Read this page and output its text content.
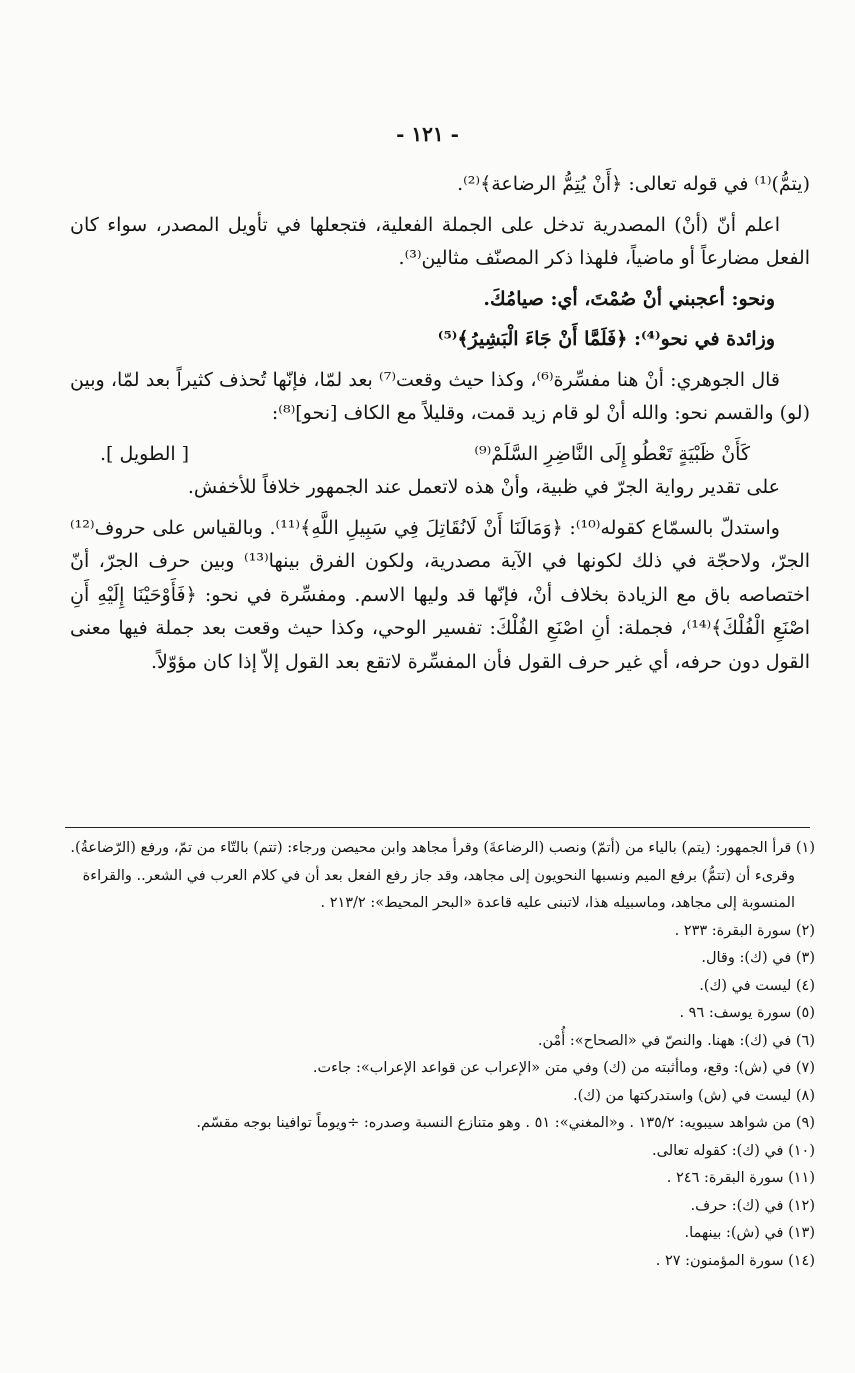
- ١٢١ -

(يتمُّ)⁽¹⁾ في قوله تعالى: ﴿أَنْ يُتِمُّ الرضاعة﴾⁽²⁾.

اعلم أنّ (أنْ) المصدرية تدخل على الجملة الفعلية، فتجعلها في تأويل المصدر، سواء كان الفعل مضارعاً أو ماضياً، فلهذا ذكر المصنّف مثالين⁽³⁾.

ونحو: أعجبني أنْ صُمْتَ، أي: صيامُكَ.

وزائدة في نحو⁽⁴⁾: ﴿فَلَمَّا أَنْ جَاءَ الْبَشِيرُ﴾⁽⁵⁾

قال الجوهري: أنْ هنا مفسِّرة⁽⁶⁾، وكذا حيث وقعت⁽⁷⁾ بعد لمّا، فإنّها تُحذف كثيراً بعد لمّا، وبين (لو) والقسم نحو: والله أنْ لو قام زيد قمت، وقليلاً مع الكاف [نحو]⁽⁸⁾:

كَأَنْ ظَبْيَةٍ تَعْطُو إِلَى النَّاضِرِ السَّلَمْ⁽⁹⁾
[ الطويل ].

على تقدير رواية الجرّ في ظبية، وأنْ هذه لاتعمل عند الجمهور خلافاً للأخفش.

واستدلّ بالسمّاع كقوله⁽¹⁰⁾: ﴿وَمَالَنَا أَنْ لَانُقَاتِلَ فِي سَبِيلِ اللَّهِ﴾⁽¹¹⁾. وبالقياس على حروف⁽¹²⁾ الجرّ، ولاحجّة في ذلك لكونها في الآية مصدرية، ولكون الفرق بينها⁽¹³⁾ وبين حرف الجرّ، أنّ اختصاصه باق مع الزيادة بخلاف أنْ، فإنّها قد وليها الاسم. ومفسِّرة في نحو: ﴿فَأَوْحَيْنَا إِلَيْهِ أَنِ اصْنَعِ الْفُلْكَ﴾⁽¹⁴⁾، فجملة: أنِ اصْنَعِ الفُلْكَ: تفسير الوحي، وكذا حيث وقعت بعد جملة فيها معنى القول دون حرفه، أي غير حرف القول فأن المفسِّرة لاتقع بعد القول إلاّ إذا كان مؤوّلاً.

(١) قرأ الجمهور: (يتم) بالياء من (أتمّ) ونصب (الرضاعةَ) وقرأ مجاهد وابن محيصن ورجاء: (تتم) بالتّاء من تمّ، ورفع (الرّضاعةُ).

وقرىء أن (تتمُّ) برفع الميم ونسبها النحويون إلى مجاهد، وقد جاز رفع الفعل بعد أن في كلام العرب في الشعر.. والقراءة المنسوبة إلى مجاهد، وماسبيله هذا، لاتبنى عليه قاعدة «البحر المحيط»: ٢١٣/٢ .

(٢) سورة البقرة: ٢٣٣ .

(٣) في (ك): وقال.

(٤) ليست في (ك).

(٥) سورة يوسف: ٩٦ .

(٦) في (ك): ههنا. والنصّ في «الصحاح»: أُمْن.

(٧) في (ش): وقع، وماأثبته من (ك) وفي متن «الإعراب عن قواعد الإعراب»: جاءت.

(٨) ليست في (ش) واستدركتها من (ك).

(٩) من شواهد سيبويه: ١٣٥/٢ . و«المغني»: ٥١ . وهو متنازع النسبة وصدره: ÷ويوماً توافينا بوجه مقسّم.

(١٠) في (ك): كقوله تعالى.

(١١) سورة البقرة: ٢٤٦ .

(١٢) في (ك): حرف.

(١٣) في (ش): بينهما.

(١٤) سورة المؤمنون: ٢٧ .
